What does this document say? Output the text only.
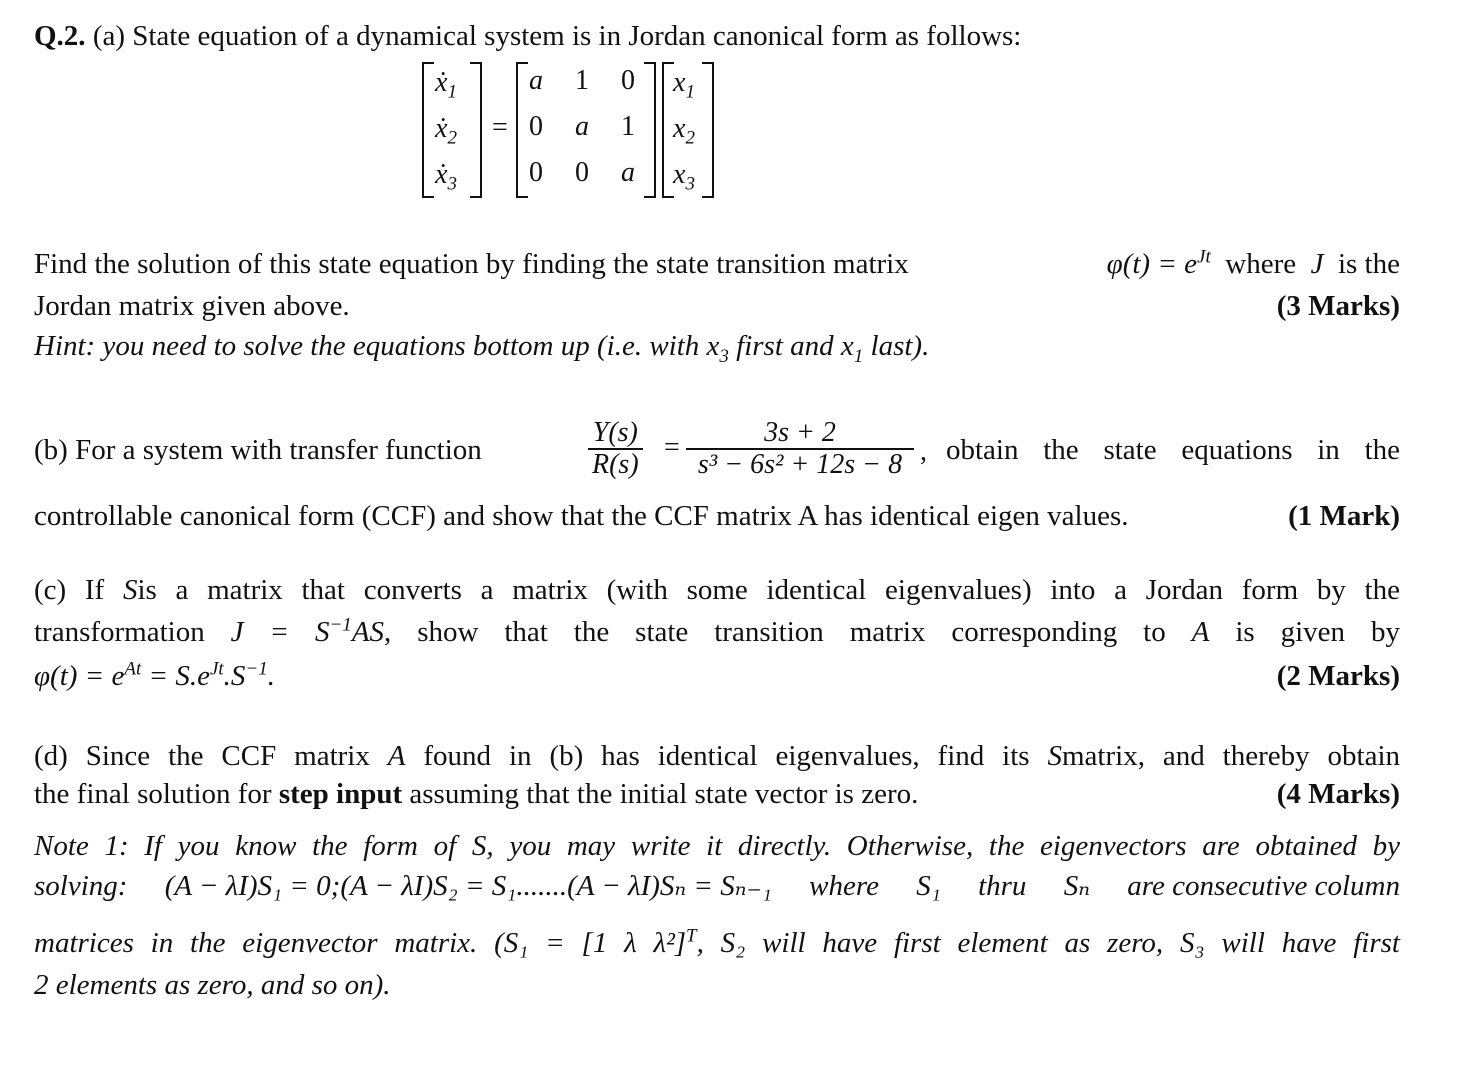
Q.2. (a) State equation of a dynamical system is in Jordan canonical form as follows:
ẋ$_1$
ẋ$_2$
ẋ$_3$
=
a	1	0
0	a	1
0	0	a
$x_1$
$x_2$
$x_3$
Find the solution of this state equation by finding the state transition matrix	$\varphi(t) = e^{Jt}$ where J is the
Jordan matrix given above.	(3 Marks)
Hint: you need to solve the equations bottom up (i.e. with $x_3$ first and $x_1$ last).
(b) For a system with transfer function	$\frac{Y(s)}{R(s)} = \frac{3s + 2}{\text{s³ − 6s² + 12s − 8}}$ , obtain the state equations in the
controllable canonical form (CCF) and show that the CCF matrix A has identical eigen values.	(1 Mark)
(c) If Sis a matrix that converts a matrix (with some identical eigenvalues) into a Jordan form by the
transformation $J = S^{-1}AS$, show that the state transition matrix corresponding to A is given by
$\varphi(t) = e^{At} = S.e^{Jt}.S^{-1}$.	(2 Marks)
(d) Since the CCF matrix A found in (b) has identical eigenvalues, find its Smatrix, and thereby obtain
the final solution for step input assuming that the initial state vector is zero.	(4 Marks)
Note 1: If you know the form of S, you may write it directly. Otherwise, the eigenvectors are obtained by
solving: (A − λI)S₁ = 0;(A − λI)S₂ = S₁.......(A − λI)Sₙ = Sₙ₋₁ where S₁ thru Sₙ are consecutive column
matrices in the eigenvector matrix. (S₁ = [1 λ λ²]$^T$, S₂ will have first element as zero, S₃ will have first
2 elements as zero, and so on).
